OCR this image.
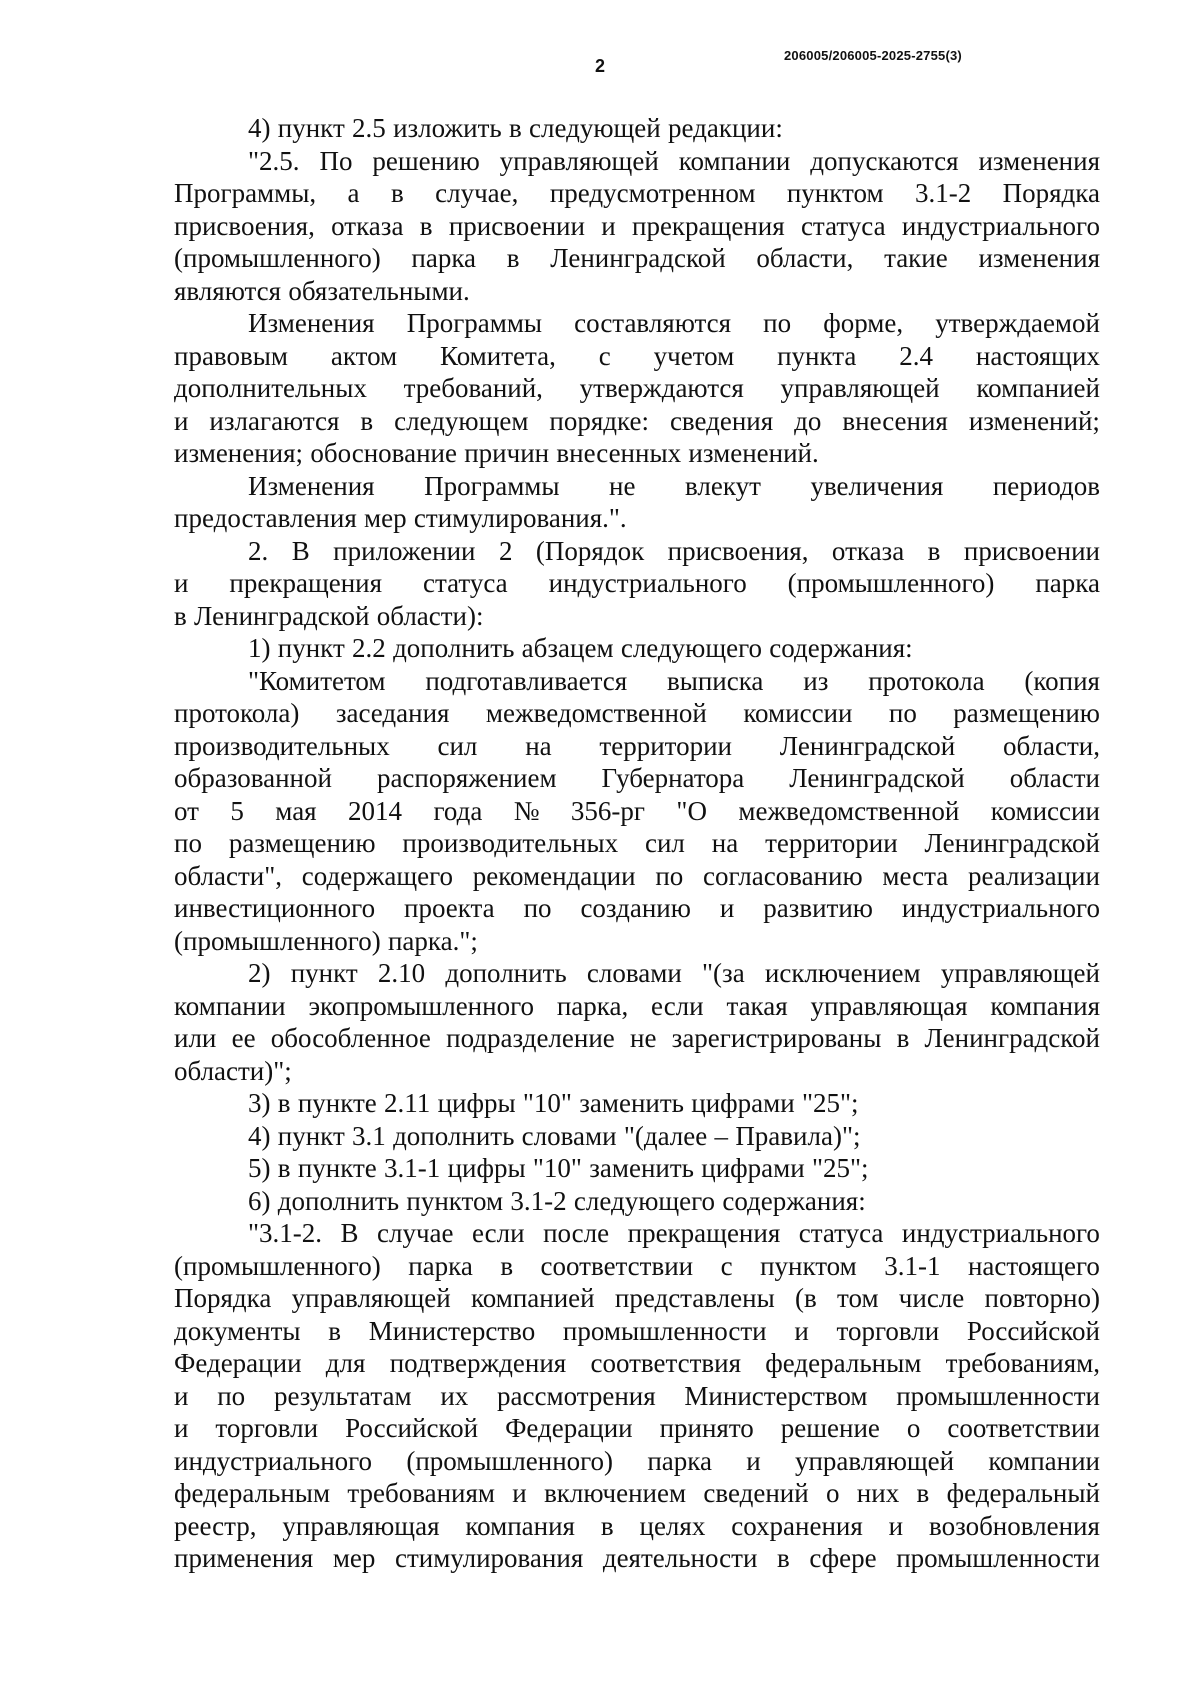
2
206005/206005-2025-2755(3)
4) пункт 2.5 изложить в следующей редакции:
"2.5. По решению управляющей компании допускаются изменения
Программы, а в случае, предусмотренном пунктом 3.1-2 Порядка
присвоения, отказа в присвоении и прекращения статуса индустриального
(промышленного) парка в Ленинградской области, такие изменения
являются обязательными.
Изменения Программы составляются по форме, утверждаемой
правовым актом Комитета, с учетом пункта 2.4 настоящих
дополнительных требований, утверждаются управляющей компанией
и излагаются в следующем порядке: сведения до внесения изменений;
изменения; обоснование причин внесенных изменений.
Изменения Программы не влекут увеличения периодов
предоставления мер стимулирования.".
2. В приложении 2 (Порядок присвоения, отказа в присвоении
и прекращения статуса индустриального (промышленного) парка
в Ленинградской области):
1) пункт 2.2 дополнить абзацем следующего содержания:
"Комитетом подготавливается выписка из протокола (копия
протокола) заседания межведомственной комиссии по размещению
производительных сил на территории Ленинградской области,
образованной распоряжением Губернатора Ленинградской области
от 5 мая 2014 года № 356-рг "О межведомственной комиссии
по размещению производительных сил на территории Ленинградской
области", содержащего рекомендации по согласованию места реализации
инвестиционного проекта по созданию и развитию индустриального
(промышленного) парка.";
2) пункт 2.10 дополнить словами "(за исключением управляющей
компании экопромышленного парка, если такая управляющая компания
или ее обособленное подразделение не зарегистрированы в Ленинградской
области)";
3) в пункте 2.11 цифры "10" заменить цифрами "25";
4) пункт 3.1 дополнить словами "(далее – Правила)";
5) в пункте 3.1-1 цифры "10" заменить цифрами "25";
6) дополнить пунктом 3.1-2 следующего содержания:
"3.1-2. В случае если после прекращения статуса индустриального
(промышленного) парка в соответствии с пунктом 3.1-1 настоящего
Порядка управляющей компанией представлены (в том числе повторно)
документы в Министерство промышленности и торговли Российской
Федерации для подтверждения соответствия федеральным требованиям,
и по результатам их рассмотрения Министерством промышленности
и торговли Российской Федерации принято решение о соответствии
индустриального (промышленного) парка и управляющей компании
федеральным требованиям и включением сведений о них в федеральный
реестр, управляющая компания в целях сохранения и возобновления
применения мер стимулирования деятельности в сфере промышленности
